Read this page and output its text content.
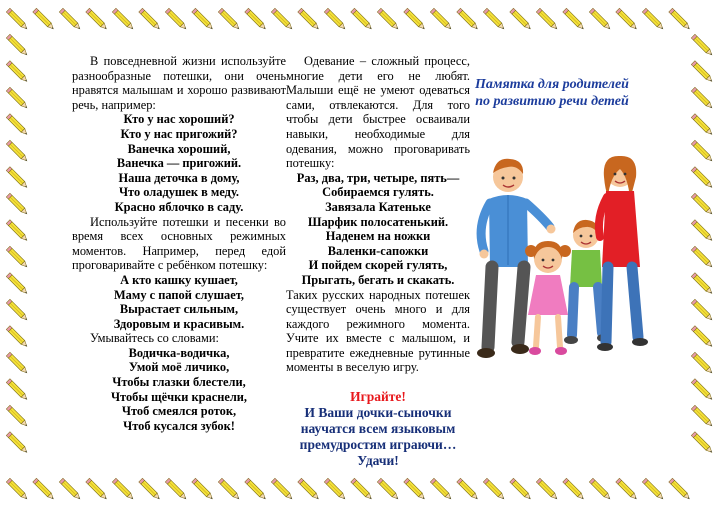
В повседневной жизни используйте разнообразные потешки, они очень нравятся малышам и хорошо развивают речь, например:

Кто у нас хороший?

Кто у нас пригожий?

Ванечка хороший,

Ванечка — пригожий.

Наша деточка в дому,

Что оладушек в меду.

Красно яблочко в саду.

Используйте потешки и песенки во время всех основных режимных моментов. Например, перед едой проговаривайте с ребёнком потешку:

А кто кашку кушает,

Маму с папой слушает,

Вырастает сильным,

Здоровым и красивым.

Умывайтесь со словами:

Водичка-водичка,

Умой моё личико,

Чтобы глазки блестели,

Чтобы щёчки краснели,

Чтоб смеялся роток,

Чтоб кусался зубок!

Одевание – сложный процесс, многие дети его не любят. Малыши ещё не умеют одеваться сами, отвлекаются. Для того чтобы дети быстрее осваивали навыки, необходимые для одевания, можно проговаривать потешку:

Раз, два, три, четыре, пять—

Собираемся гулять.

Завязала Катеньке

Шарфик полосатенький.

Наденем на ножки

Валенки-сапожки

И пойдем скорей гулять,

Прыгать, бегать и скакать.

Таких русских народных потешек существует очень много и для каждого режимного момента. Учите их вместе с малышом, и превратите ежедневные рутинные моменты в веселую игру.

Играйте!

И Ваши дочки-сыночки

научатся всем языковым

премудростям играючи…

Удачи!

Памятка для родителей
по развитию речи детей
